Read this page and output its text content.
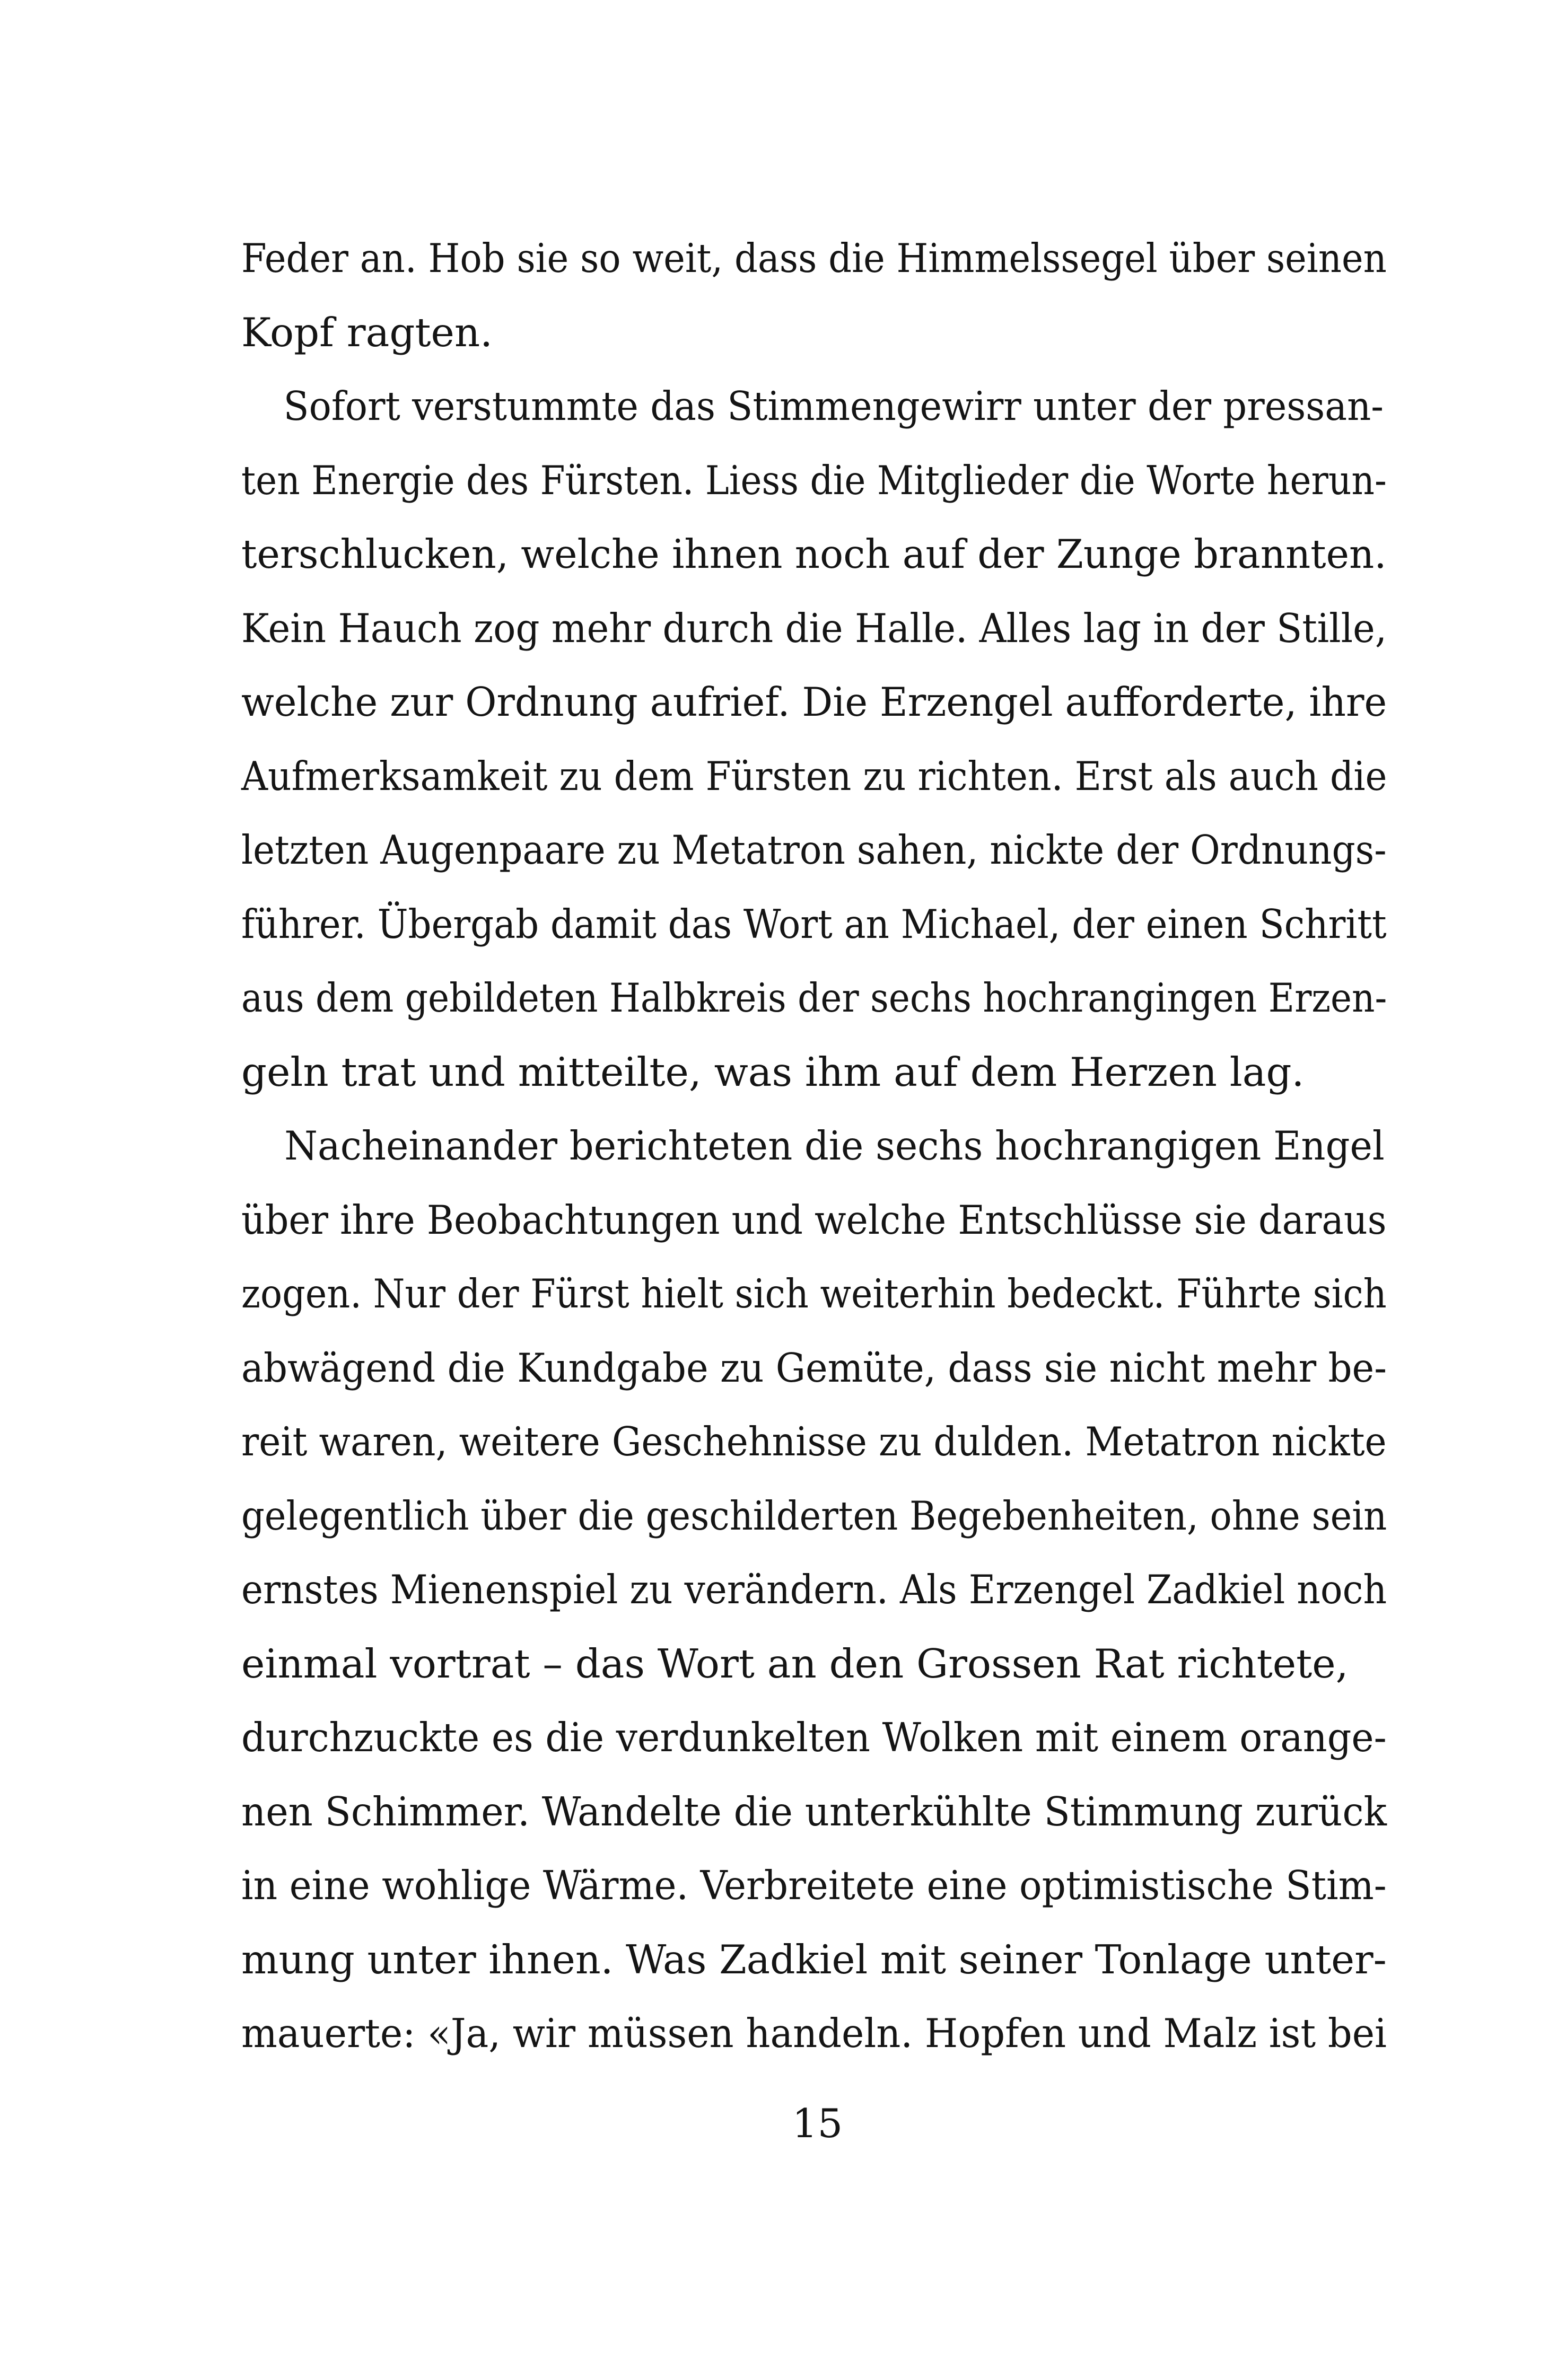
Feder an. Hob sie so weit, dass die Himmelssegel über seinen
Kopf ragten.
Sofort verstummte das Stimmengewirr unter der pressan-
ten Energie des Fürsten. Liess die Mitglieder die Worte herun-
terschlucken, welche ihnen noch auf der Zunge brannten.
Kein Hauch zog mehr durch die Halle. Alles lag in der Stille,
welche zur Ordnung aufrief. Die Erzengel aufforderte, ihre
Aufmerksamkeit zu dem Fürsten zu richten. Erst als auch die
letzten Augenpaare zu Metatron sahen, nickte der Ordnungs-
führer. Übergab damit das Wort an Michael, der einen Schritt
aus dem gebildeten Halbkreis der sechs hochrangingen Erzen-
geln trat und mitteilte, was ihm auf dem Herzen lag.
Nacheinander berichteten die sechs hochrangigen Engel
über ihre Beobachtungen und welche Entschlüsse sie daraus
zogen. Nur der Fürst hielt sich weiterhin bedeckt. Führte sich
abwägend die Kundgabe zu Gemüte, dass sie nicht mehr be-
reit waren, weitere Geschehnisse zu dulden. Metatron nickte
gelegentlich über die geschilderten Begebenheiten, ohne sein
ernstes Mienenspiel zu verändern. Als Erzengel Zadkiel noch
einmal vortrat – das Wort an den Grossen Rat richtete,
durchzuckte es die verdunkelten Wolken mit einem orange-
nen Schimmer. Wandelte die unterkühlte Stimmung zurück
in eine wohlige Wärme. Verbreitete eine optimistische Stim-
mung unter ihnen. Was Zadkiel mit seiner Tonlage unter-
mauerte: «Ja, wir müssen handeln. Hopfen und Malz ist bei
15
